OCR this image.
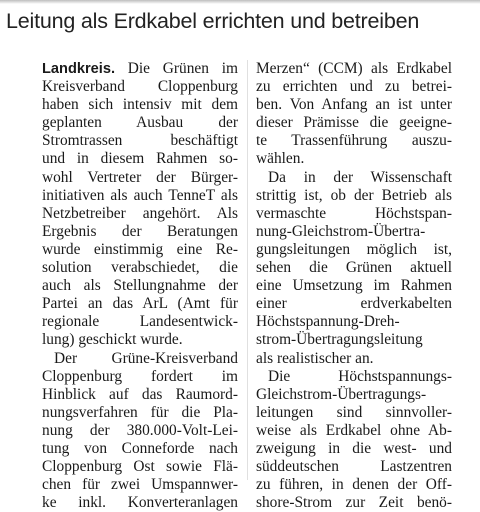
Leitung als Erdkabel errichten und betreiben
Landkreis. Die Grünen im
Kreisverband Cloppenburg
haben sich intensiv mit dem
geplanten Ausbau der
Stromtrassen beschäftigt
und in diesem Rahmen so-
wohl Vertreter der Bürger-
initiativen als auch TenneT als
Netzbetreiber angehört. Als
Ergebnis der Beratungen
wurde einstimmig eine Re-
solution verabschiedet, die
auch als Stellungnahme der
Partei an das ArL (Amt für
regionale Landesentwick-
lung) geschickt wurde.
Der Grüne-Kreisverband
Cloppenburg fordert im
Hinblick auf das Raumord-
nungsverfahren für die Pla-
nung der 380.000-Volt-Lei-
tung von Conneforde nach
Cloppenburg Ost sowie Flä-
chen für zwei Umspannwer-
ke inkl. Konverteranlagen
Merzen“ (CCM) als Erdkabel
zu errichten und zu betrei-
ben. Von Anfang an ist unter
dieser Prämisse die geeigne-
te Trassenführung auszu-
wählen.
Da in der Wissenschaft
strittig ist, ob der Betrieb als
vermaschte Höchstspan-
nung-Gleichstrom-Übertra-
gungsleitungen möglich ist,
sehen die Grünen aktuell
eine Umsetzung im Rahmen
einer erdverkabelten
Höchstspannung-Dreh-
strom-Übertragungsleitung
als realistischer an.
Die Höchstspannungs-
Gleichstrom-Übertragungs-
leitungen sind sinnvoller-
weise als Erdkabel ohne Ab-
zweigung in die west- und
süddeutschen Lastzentren
zu führen, in denen der Off-
shore-Strom zur Zeit benö-
